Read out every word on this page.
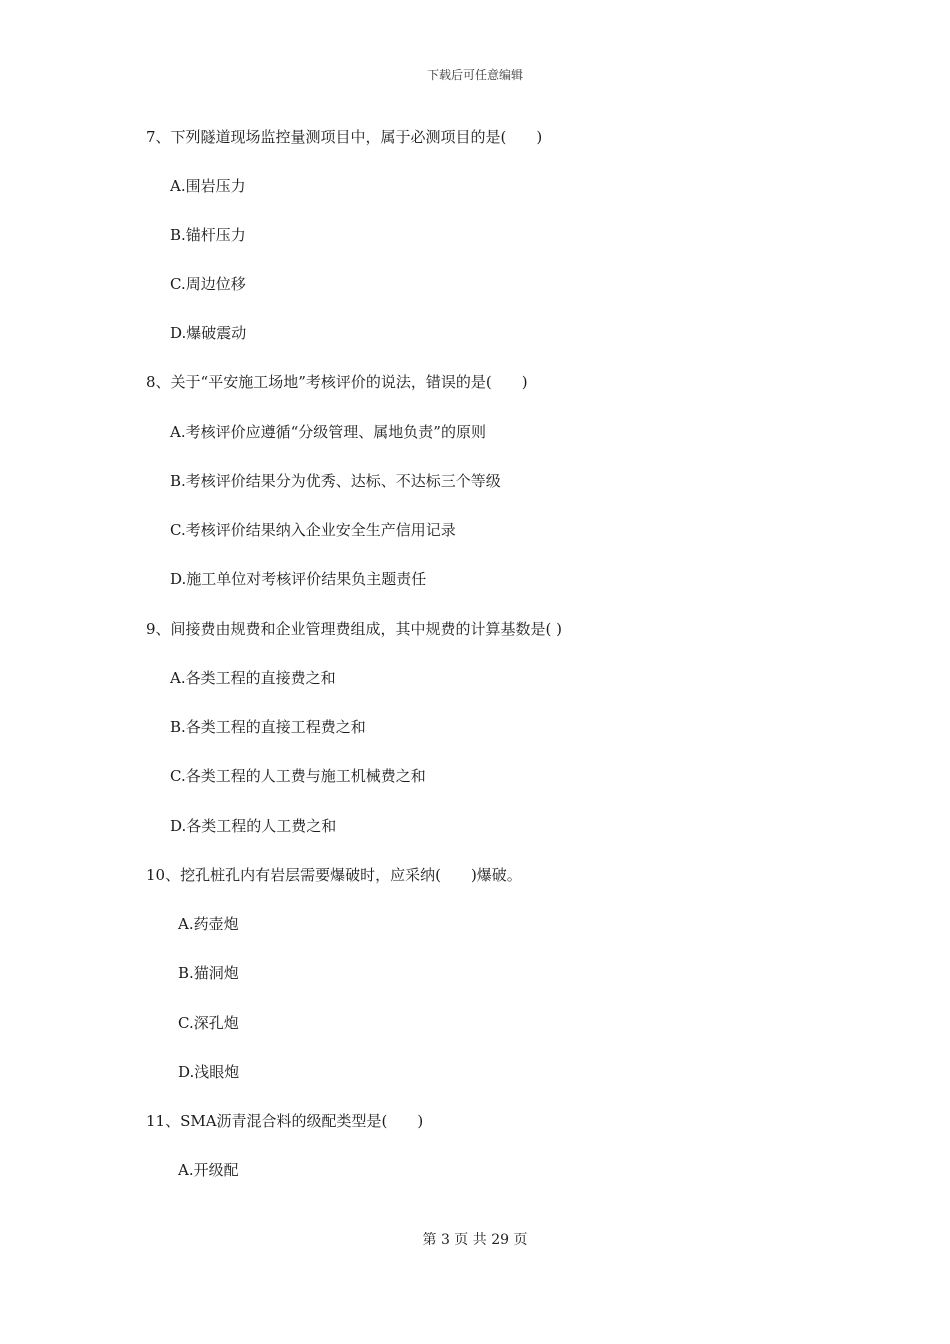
下载后可任意编辑
7、下列隧道现场监控量测项目中，属于必测项目的是(　　)
A.围岩压力
B.锚杆压力
C.周边位移
D.爆破震动
8、关于“平安施工场地”考核评价的说法，错误的是(　　)
A.考核评价应遵循“分级管理、属地负责”的原则
B.考核评价结果分为优秀、达标、不达标三个等级
C.考核评价结果纳入企业安全生产信用记录
D.施工单位对考核评价结果负主题责任
9、间接费由规费和企业管理费组成，其中规费的计算基数是( )
A.各类工程的直接费之和
B.各类工程的直接工程费之和
C.各类工程的人工费与施工机械费之和
D.各类工程的人工费之和
10、挖孔桩孔内有岩层需要爆破时，应采纳(　　)爆破。
A.药壶炮
B.猫洞炮
C.深孔炮
D.浅眼炮
11、SMA沥青混合料的级配类型是(　　)
A.开级配
第 3 页 共 29 页
